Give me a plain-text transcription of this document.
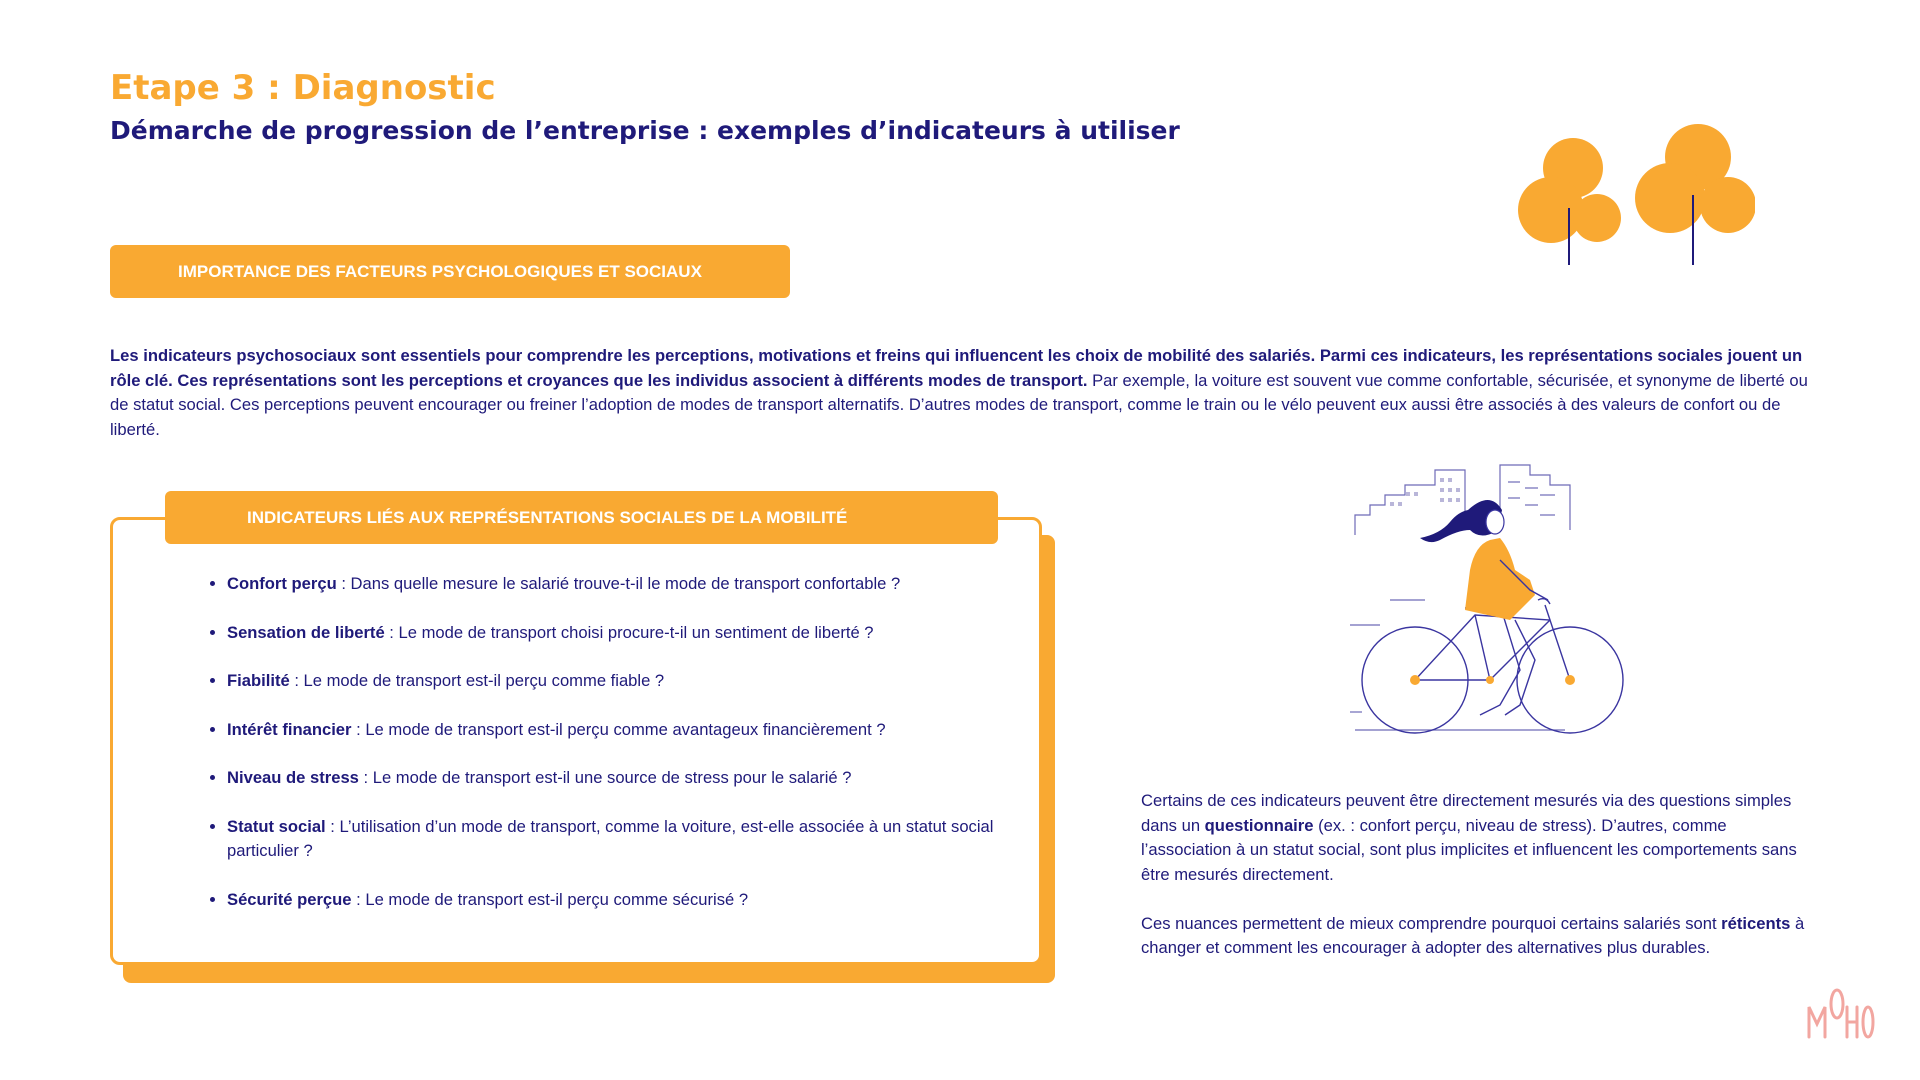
Etape 3 : Diagnostic
Démarche de progression de l’entreprise : exemples d’indicateurs à utiliser
IMPORTANCE DES FACTEURS PSYCHOLOGIQUES ET SOCIAUX
Les indicateurs psychosociaux sont essentiels pour comprendre les perceptions, motivations et freins qui influencent les choix de mobilité des salariés. Parmi ces indicateurs, les représentations sociales jouent un rôle clé. Ces représentations sont les perceptions et croyances que les individus associent à différents modes de transport. Par exemple, la voiture est souvent vue comme confortable, sécurisée, et synonyme de liberté ou de statut social. Ces perceptions peuvent encourager ou freiner l’adoption de modes de transport alternatifs. D’autres modes de transport, comme le train ou le vélo peuvent eux aussi être associés à des valeurs de confort ou de liberté.
INDICATEURS LIÉS AUX REPRÉSENTATIONS SOCIALES DE LA MOBILITÉ
• Confort perçu : Dans quelle mesure le salarié trouve-t-il le mode de transport confortable ?
• Sensation de liberté : Le mode de transport choisi procure-t-il un sentiment de liberté ?
• Fiabilité : Le mode de transport est-il perçu comme fiable ?
• Intérêt financier : Le mode de transport est-il perçu comme avantageux financièrement ?
• Niveau de stress : Le mode de transport est-il une source de stress pour le salarié ?
• Statut social : L’utilisation d’un mode de transport, comme la voiture, est-elle associée à un statut social particulier ?
• Sécurité perçue : Le mode de transport est-il perçu comme sécurisé ?

Certains de ces indicateurs peuvent être directement mesurés via des questions simples dans un questionnaire (ex. : confort perçu, niveau de stress). D’autres, comme l’association à un statut social, sont plus implicites et influencent les comportements sans être mesurés directement.

Ces nuances permettent de mieux comprendre pourquoi certains salariés sont réticents à changer et comment les encourager à adopter des alternatives plus durables.
